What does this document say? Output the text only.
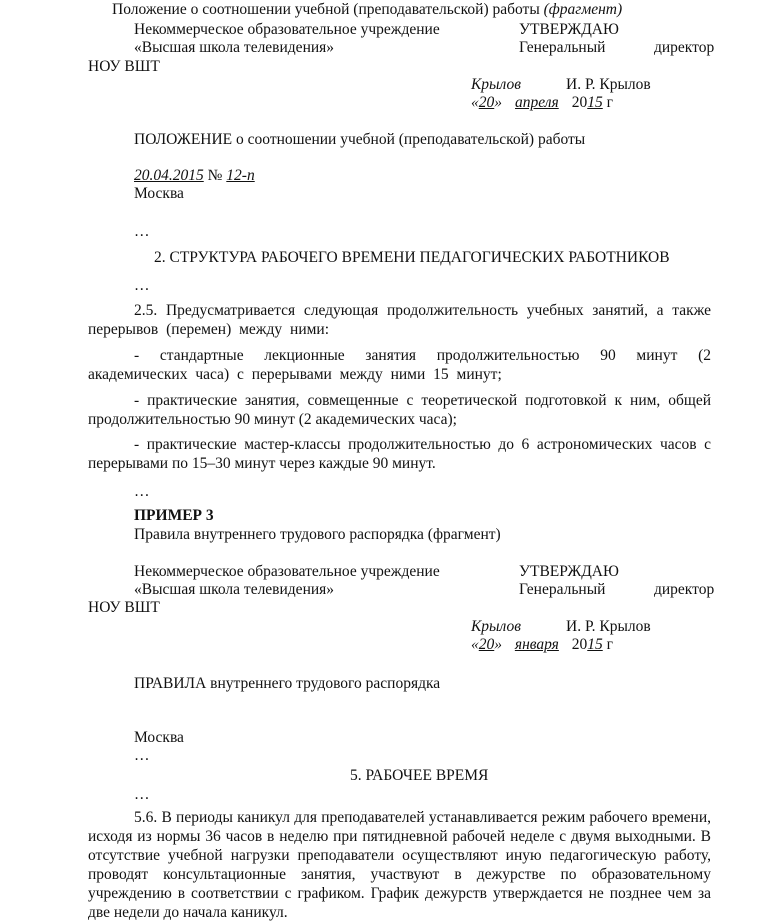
Положение о соотношении учебной (преподавательской) работы (фрагмент)
Некоммерческое образовательное учреждение	УТВЕРЖДАЮ
«Высшая школа телевидения»	Генеральный	директор
НОУ ВШТ
Крылов	И. Р. Крылов
«20» апреля 2015 г
ПОЛОЖЕНИЕ о соотношении учебной (преподавательской) работы
20.04.2015 № 12-п
Москва
…
2. СТРУКТУРА РАБОЧЕГО ВРЕМЕНИ ПЕДАГОГИЧЕСКИХ РАБОТНИКОВ
…
2.5. Предусматривается следующая продолжительность учебных занятий, а также перерывов (перемен) между ними:
- стандартные лекционные занятия продолжительностью 90 минут (2 академических часа) с перерывами между ними 15 минут;
- практические занятия, совмещенные с теоретической подготовкой к ним, общей продолжительностью 90 минут (2 академических часа);
- практические мастер-классы продолжительностью до 6 астрономических часов с перерывами по 15–30 минут через каждые 90 минут.
…
ПРИМЕР 3
Правила внутреннего трудового распорядка (фрагмент)
Некоммерческое образовательное учреждение	УТВЕРЖДАЮ
«Высшая школа телевидения»	Генеральный	директор
НОУ ВШТ
Крылов	И. Р. Крылов
«20» января 2015 г
ПРАВИЛА внутреннего трудового распорядка
Москва
…
5. РАБОЧЕЕ ВРЕМЯ
…
5.6. В периоды каникул для преподавателей устанавливается режим рабочего времени, исходя из нормы 36 часов в неделю при пятидневной рабочей неделе с двумя выходными. В отсутствие учебной нагрузки преподаватели осуществляют иную педагогическую работу, проводят консультационные занятия, участвуют в дежурстве по образовательному учреждению в соответствии с графиком. График дежурств утверждается не позднее чем за две недели до начала каникул.
